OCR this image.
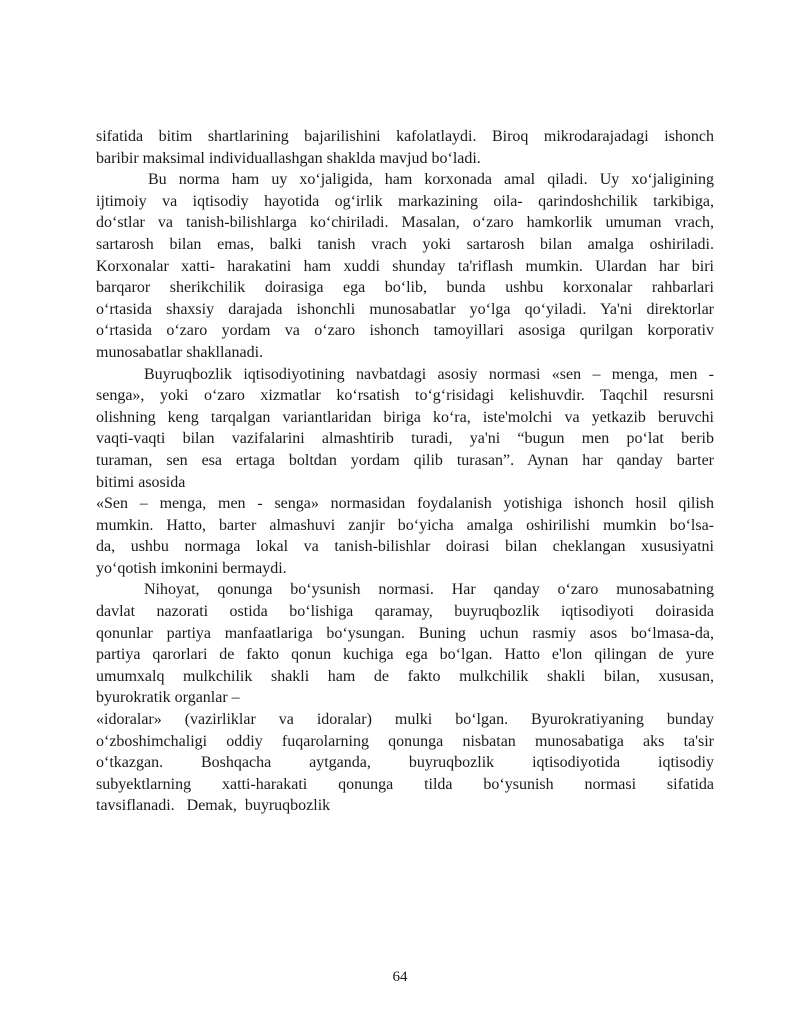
sifatida bitim shartlarining bajarilishini kafolatlaydi. Biroq mikrodarajadagi ishonch
baribir maksimal individuallashgan shaklda mavjud bo‘ladi.

Bu norma ham uy xo‘jaligida, ham korxonada amal qiladi. Uy xo‘jaligining
ijtimoiy va iqtisodiy hayotida og‘irlik markazining oila- qarindoshchilik tarkibiga,
do‘stlar va tanish-bilishlarga ko‘chiriladi. Masalan, o‘zaro hamkorlik umuman vrach,
sartarosh bilan emas, balki tanish vrach yoki sartarosh bilan amalga oshiriladi.
Korxonalar xatti- harakatini ham xuddi shunday ta'riflash mumkin. Ulardan har biri
barqaror sherikchilik doirasiga ega bo‘lib, bunda ushbu korxonalar rahbarlari
o‘rtasida shaxsiy darajada ishonchli munosabatlar yo‘lga qo‘yiladi. Ya'ni direktorlar
o‘rtasida o‘zaro yordam va o‘zaro ishonch tamoyillari asosiga qurilgan korporativ
munosabatlar shakllanadi.

Buyruqbozlik iqtisodiyotining navbatdagi asosiy normasi «sen – menga, men -
senga», yoki o‘zaro xizmatlar ko‘rsatish to‘g‘risidagi kelishuvdir. Taqchil resursni
olishning keng tarqalgan variantlaridan biriga ko‘ra, iste'molchi va yetkazib beruvchi
vaqti-vaqti bilan vazifalarini almashtirib turadi, ya'ni “bugun men po‘lat berib
turaman, sen esa ertaga boltdan yordam qilib turasan”. Aynan har qanday barter
bitimi asosida

«Sen – menga, men - senga» normasidan foydalanish yotishiga ishonch hosil qilish
mumkin. Hatto, barter almashuvi zanjir bo‘yicha amalga oshirilishi mumkin bo‘lsa-
da, ushbu normaga lokal va tanish-bilishlar doirasi bilan cheklangan xususiyatni
yo‘qotish imkonini bermaydi.

Nihoyat, qonunga bo‘ysunish normasi. Har qanday o‘zaro munosabatning
davlat nazorati ostida bo‘lishiga qaramay, buyruqbozlik iqtisodiyoti doirasida
qonunlar partiya manfaatlariga bo‘ysungan. Buning uchun rasmiy asos bo‘lmasa-da,
partiya qarorlari de fakto qonun kuchiga ega bo‘lgan. Hatto e'lon qilingan de yure
umumxalq mulkchilik shakli ham de fakto mulkchilik shakli bilan, xususan,
byurokratik organlar –

«idoralar» (vazirliklar va idoralar) mulki bo‘lgan. Byurokratiyaning bunday
o‘zboshimchaligi oddiy fuqarolarning qonunga nisbatan munosabatiga aks ta'sir
o‘tkazgan. Boshqacha aytganda, buyruqbozlik iqtisodiyotida iqtisodiy
subyektlarning xatti-harakati qonunga tilda bo‘ysunish normasi sifatida
tavsiflanadi.   Demak,  buyruqbozlik

64
